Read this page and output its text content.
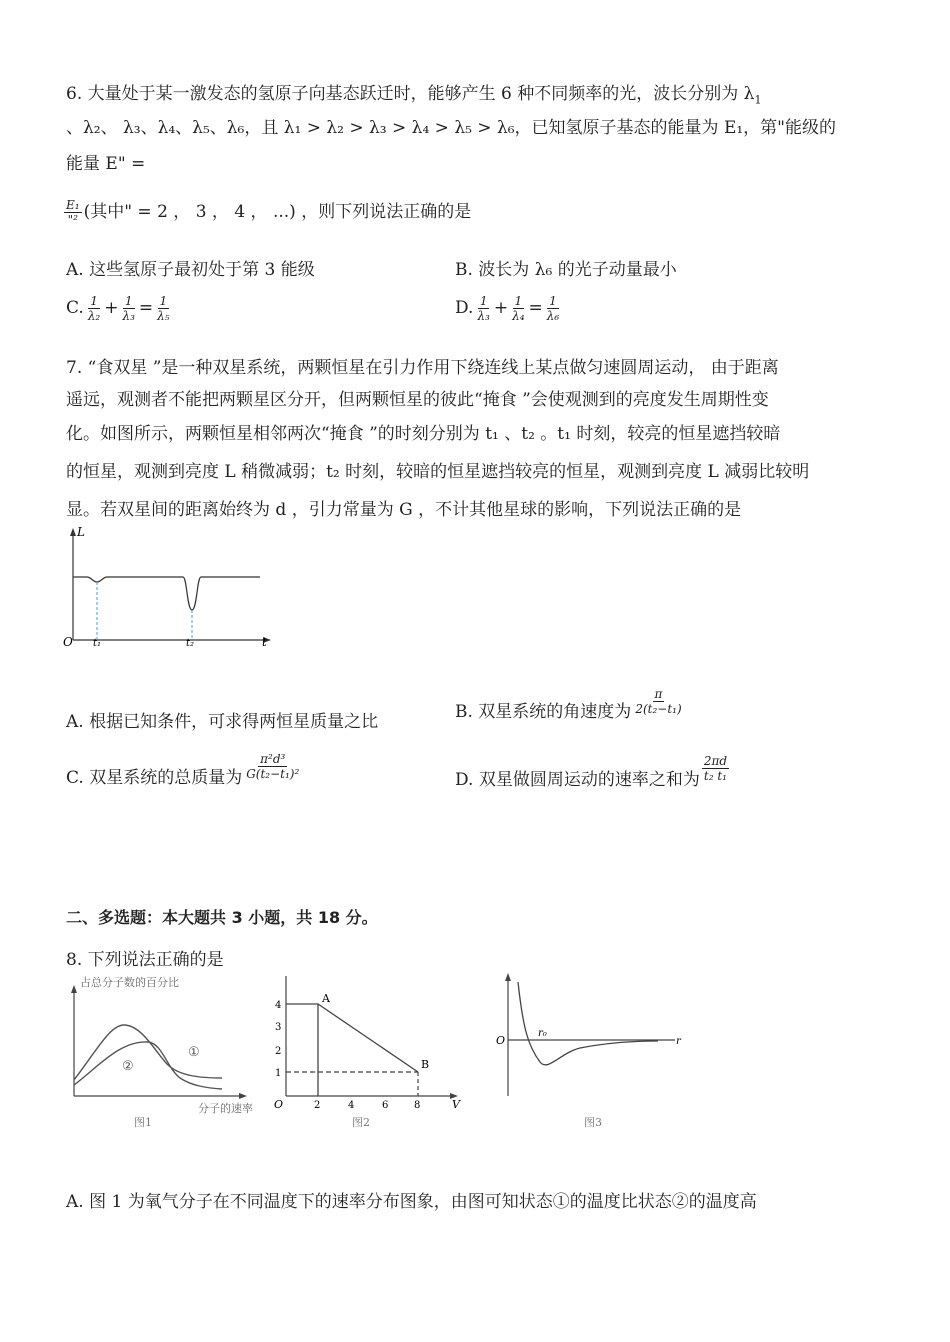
6. 大量处于某一激发态的氢原子向基态跃迁时，能够产生 6 种不同频率的光，波长分别为 $\lambda_1$
、λ₂、 λ₃、λ₄、λ₅、λ₆，且 λ₁ > λ₂ > λ₃ > λ₄ > λ₅ > λ₆，已知氢原子基态的能量为 E₁，第"能级的
能量 E" =
$\frac{\text{E₁}}{\text{"²}}$ (其中" = 2 ， 3 ， 4 ， ...) ，则下列说法正确的是
A. 这些氢原子最初处于第 3 能级	B. 波长为 λ₆ 的光子动量最小
C. $\frac{1}{\text{λ₂}} + \frac{1}{\text{λ₃}} = \frac{1}{\text{λ₅}}$	D. $\frac{1}{\text{λ₃}} + \frac{1}{\text{λ₄}} = \frac{1}{\text{λ₆}}$
7. “食双星 ”是一种双星系统，两颗恒星在引力作用下绕连线上某点做匀速圆周运动， 由于距离
遥远，观测者不能把两颗星区分开，但两颗恒星的彼此“掩食 ”会使观测到的亮度发生周期性变
化。如图所示，两颗恒星相邻两次“掩食 ”的时刻分别为 t₁ 、t₂ 。t₁ 时刻，较亮的恒星遮挡较暗
的恒星，观测到亮度 L 稍微减弱；t₂ 时刻，较暗的恒星遮挡较亮的恒星，观测到亮度 L 减弱比较明
显。若双星间的距离始终为 d ，引力常量为 G ，不计其他星球的影响，下列说法正确的是
L
O t₁	t₂	t
A. 根据已知条件，可求得两恒星质量之比	B. 双星系统的角速度为 $\frac{\pi}{\text{2(t₂−t₁)}}$
C. 双星系统的总质量为 $\frac{\text{π²d³}}{\text{G(t₂−t₁)²}}$	D. 双星做圆周运动的速率之和为 $\frac{2\pi d}{\text{t₂ t₁}}$
二、多选题：本大题共 3 小题，共 18 分。
8. 下列说法正确的是
占总分子数的百分比
①
②
分子的速率
图1
A
B
4
3
2
1
O	2	4	6	8	V
图2
O
r₀
r
图3
A. 图 1 为氧气分子在不同温度下的速率分布图象，由图可知状态①的温度比状态②的温度高
